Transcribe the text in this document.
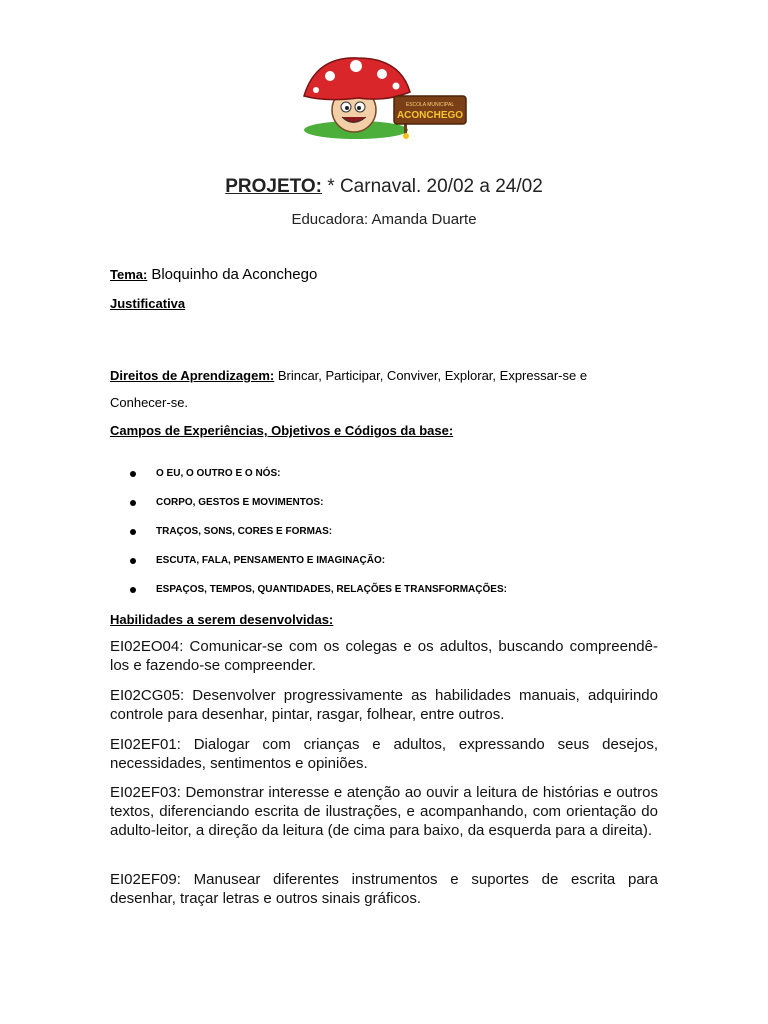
ESCOLA MUNICIPAL
ACONCHEGO
PROJETO: * Carnaval. 20/02 a 24/02
Educadora: Amanda Duarte
Tema: Bloquinho da Aconchego
Justificativa
Direitos de Aprendizagem: Brincar, Participar, Conviver, Explorar, Expressar-se e
Conhecer-se.
Campos de Experiências, Objetivos e Códigos da base:
O EU, O OUTRO E O NÓS:
CORPO, GESTOS E MOVIMENTOS:
TRAÇOS, SONS, CORES E FORMAS:
ESCUTA, FALA, PENSAMENTO E IMAGINAÇÃO:
ESPAÇOS, TEMPOS, QUANTIDADES, RELAÇÕES E TRANSFORMAÇÕES:
Habilidades a serem desenvolvidas:
EI02EO04: Comunicar-se com os colegas e os adultos, buscando compreendê-los e fazendo-se compreender.
EI02CG05: Desenvolver progressivamente as habilidades manuais, adquirindo controle para desenhar, pintar, rasgar, folhear, entre outros.
EI02EF01: Dialogar com crianças e adultos, expressando seus desejos, necessidades, sentimentos e opiniões.
EI02EF03: Demonstrar interesse e atenção ao ouvir a leitura de histórias e outros textos, diferenciando escrita de ilustrações, e acompanhando, com orientação do adulto-leitor, a direção da leitura (de cima para baixo, da esquerda para a direita).
EI02EF09: Manusear diferentes instrumentos e suportes de escrita para desenhar, traçar letras e outros sinais gráficos.
